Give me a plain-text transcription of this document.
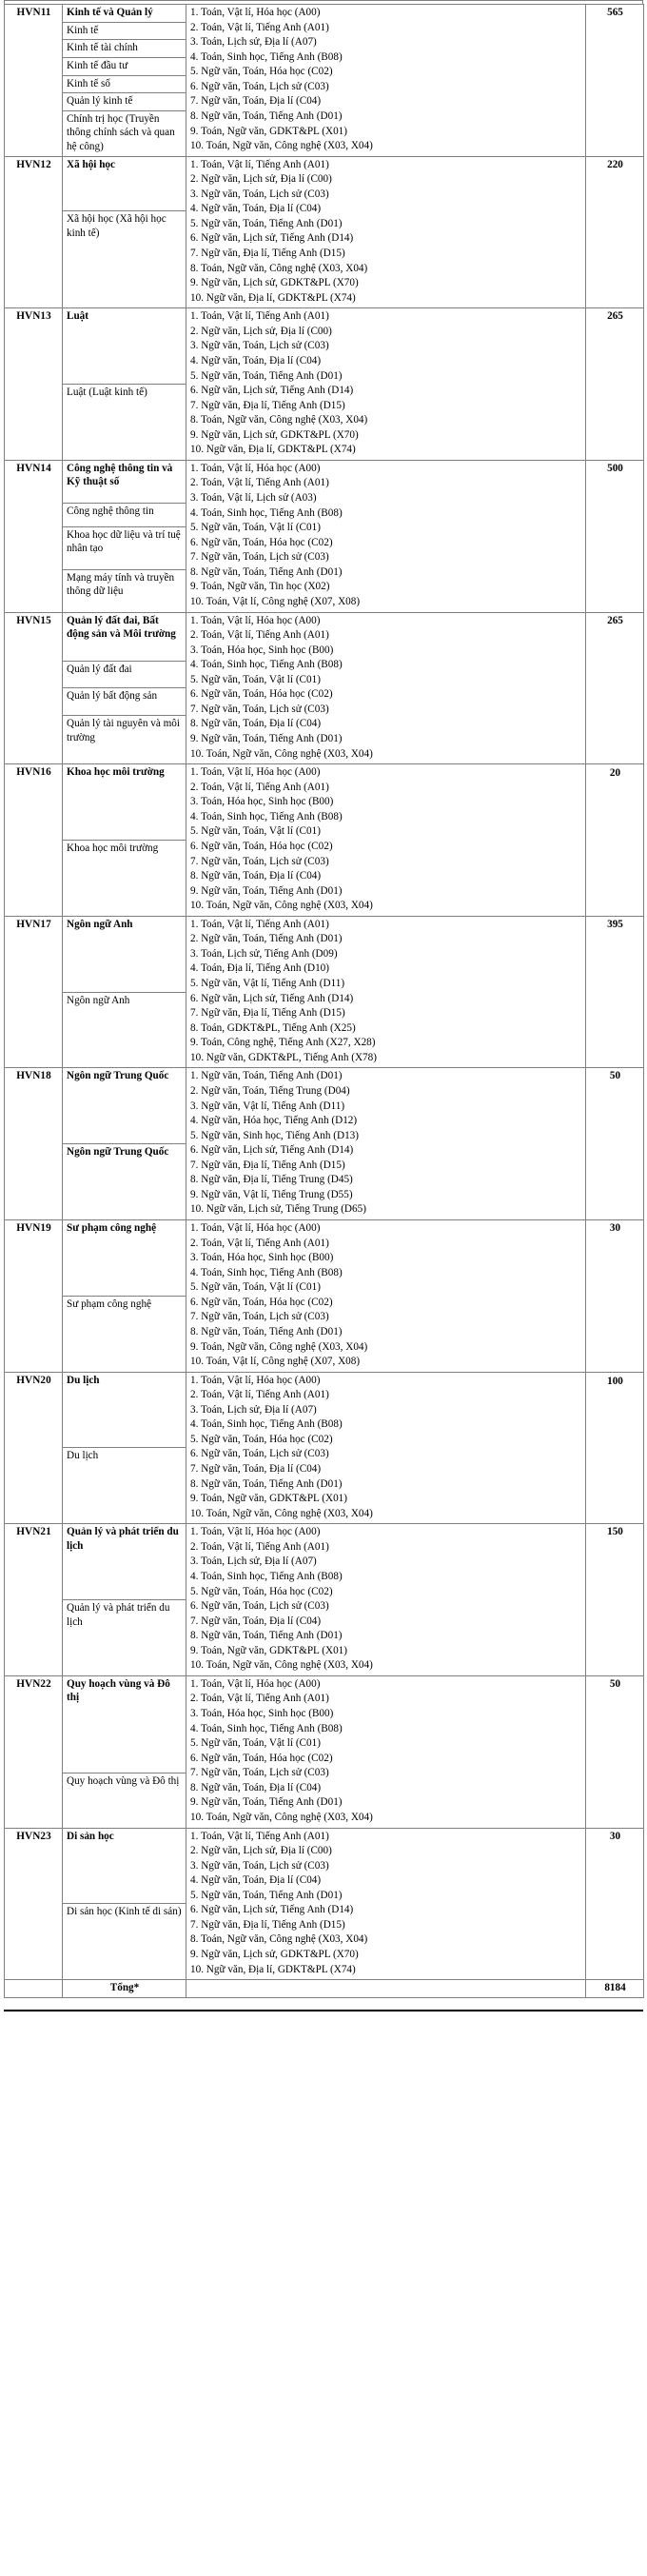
HVN11	Kinh tế và Quản lý	1. Toán, Vật lí, Hóa học (A00)
2. Toán, Vật lí, Tiếng Anh (A01)
3. Toán, Lịch sử, Địa lí (A07)
4. Toán, Sinh học, Tiếng Anh (B08)
5. Ngữ văn, Toán, Hóa học (C02)
6. Ngữ văn, Toán, Lịch sử (C03)
7. Ngữ văn, Toán, Địa lí (C04)
8. Ngữ văn, Toán, Tiếng Anh (D01)
9. Toán, Ngữ văn, GDKT&PL (X01)
10. Toán, Ngữ văn, Công nghệ (X03, X04)
	565
	Kinh tế		
	Kinh tế tài chính		
	Kinh tế đầu tư		
	Kinh tế số		
	Quản lý kinh tế		
	Chính trị học (Truyền thông chính sách và quan hệ công)		
HVN12	Xã hội học	1. Toán, Vật lí, Tiếng Anh (A01)
2. Ngữ văn, Lịch sử, Địa lí (C00)
3. Ngữ văn, Toán, Lịch sử (C03)
4. Ngữ văn, Toán, Địa lí (C04)
5. Ngữ văn, Toán, Tiếng Anh (D01)
6. Ngữ văn, Lịch sử, Tiếng Anh (D14)
7. Ngữ văn, Địa lí, Tiếng Anh (D15)
8. Toán, Ngữ văn, Công nghệ (X03, X04)
9. Ngữ văn, Lịch sử, GDKT&PL (X70)
10. Ngữ văn, Địa lí, GDKT&PL (X74)
	220
	Xã hội học (Xã hội học kinh tế)		
HVN13	Luật	1. Toán, Vật lí, Tiếng Anh (A01)
2. Ngữ văn, Lịch sử, Địa lí (C00)
3. Ngữ văn, Toán, Lịch sử (C03)
4. Ngữ văn, Toán, Địa lí (C04)
5. Ngữ văn, Toán, Tiếng Anh (D01)
6. Ngữ văn, Lịch sử, Tiếng Anh (D14)
7. Ngữ văn, Địa lí, Tiếng Anh (D15)
8. Toán, Ngữ văn, Công nghệ (X03, X04)
9. Ngữ văn, Lịch sử, GDKT&PL (X70)
10. Ngữ văn, Địa lí, GDKT&PL (X74)
	265
	Luật (Luật kinh tế)		
HVN14	Công nghệ thông tin và Kỹ thuật số	
1. Toán, Vật lí, Hóa học (A00)
2. Toán, Vật lí, Tiếng Anh (A01)
3. Toán, Vật lí, Lịch sử (A03)
4. Toán, Sinh học, Tiếng Anh (B08)
5. Ngữ văn, Toán, Vật lí (C01)
6. Ngữ văn, Toán, Hóa học (C02)
7. Ngữ văn, Toán, Lịch sử (C03)
8. Ngữ văn, Toán, Tiếng Anh (D01)
9. Toán, Ngữ văn, Tin học (X02)
10. Toán, Vật lí, Công nghệ (X07, X08)
	500
	Công nghệ thông tin		
	Khoa học dữ liệu và trí tuệ nhân tạo		
	Mạng máy tính và truyền thông dữ liệu		
HVN15	Quản lý đất đai, Bất động sản và Môi trường	
1. Toán, Vật lí, Hóa học (A00)
2. Toán, Vật lí, Tiếng Anh (A01)
3. Toán, Hóa học, Sinh học (B00)
4. Toán, Sinh học, Tiếng Anh (B08)
5. Ngữ văn, Toán, Vật lí (C01)
6. Ngữ văn, Toán, Hóa học (C02)
7. Ngữ văn, Toán, Lịch sử (C03)
8. Ngữ văn, Toán, Địa lí (C04)
9. Ngữ văn, Toán, Tiếng Anh (D01)
10. Toán, Ngữ văn, Công nghệ (X03, X04)
	265
	Quản lý đất đai		
	Quản lý bất động sản		
	Quản lý tài nguyên và môi trường		
HVN16	Khoa học môi trường	1. Toán, Vật lí, Hóa học (A00)
2. Toán, Vật lí, Tiếng Anh (A01)
3. Toán, Hóa học, Sinh học (B00)
4. Toán, Sinh học, Tiếng Anh (B08)
5. Ngữ văn, Toán, Vật lí (C01)
6. Ngữ văn, Toán, Hóa học (C02)
7. Ngữ văn, Toán, Lịch sử (C03)
8. Ngữ văn, Toán, Địa lí (C04)
9. Ngữ văn, Toán, Tiếng Anh (D01)
10. Toán, Ngữ văn, Công nghệ (X03, X04)
	20
	Khoa học môi trường		
HVN17	Ngôn ngữ Anh	1. Toán, Vật lí, Tiếng Anh (A01)
2. Ngữ văn, Toán, Tiếng Anh (D01)
3. Toán, Lịch sử, Tiếng Anh (D09)
4. Toán, Địa lí, Tiếng Anh (D10)
5. Ngữ văn, Vật lí, Tiếng Anh (D11)
6. Ngữ văn, Lịch sử, Tiếng Anh (D14)
7. Ngữ văn, Địa lí, Tiếng Anh (D15)
8. Toán, GDKT&PL, Tiếng Anh (X25)
9. Toán, Công nghệ, Tiếng Anh (X27, X28)
10. Ngữ văn, GDKT&PL, Tiếng Anh (X78)
	395
	Ngôn ngữ Anh		
HVN18	Ngôn ngữ Trung Quốc	1. Ngữ văn, Toán, Tiếng Anh (D01)
2. Ngữ văn, Toán, Tiếng Trung (D04)
3. Ngữ văn, Vật lí, Tiếng Anh (D11)
4. Ngữ văn, Hóa học, Tiếng Anh (D12)
5. Ngữ văn, Sinh học, Tiếng Anh (D13)
6. Ngữ văn, Lịch sử, Tiếng Anh (D14)
7. Ngữ văn, Địa lí, Tiếng Anh (D15)
8. Ngữ văn, Địa lí, Tiếng Trung (D45)
9. Ngữ văn, Vật lí, Tiếng Trung (D55)
10. Ngữ văn, Lịch sử, Tiếng Trung (D65)
	50
	Ngôn ngữ Trung Quốc		
HVN19	Sư phạm công nghệ	1. Toán, Vật lí, Hóa học (A00)
2. Toán, Vật lí, Tiếng Anh (A01)
3. Toán, Hóa học, Sinh học (B00)
4. Toán, Sinh học, Tiếng Anh (B08)
5. Ngữ văn, Toán, Vật lí (C01)
6. Ngữ văn, Toán, Hóa học (C02)
7. Ngữ văn, Toán, Lịch sử (C03)
8. Ngữ văn, Toán, Tiếng Anh (D01)
9. Toán, Ngữ văn, Công nghệ (X03, X04)
10. Toán, Vật lí, Công nghệ (X07, X08)
	30
	Sư phạm công nghệ		
HVN20	Du lịch	1. Toán, Vật lí, Hóa học (A00)
2. Toán, Vật lí, Tiếng Anh (A01)
3. Toán, Lịch sử, Địa lí (A07)
4. Toán, Sinh học, Tiếng Anh (B08)
5. Ngữ văn, Toán, Hóa học (C02)
6. Ngữ văn, Toán, Lịch sử (C03)
7. Ngữ văn, Toán, Địa lí (C04)
8. Ngữ văn, Toán, Tiếng Anh (D01)
9. Toán, Ngữ văn, GDKT&PL (X01)
10. Toán, Ngữ văn, Công nghệ (X03, X04)
	100
	Du lịch		
HVN21	Quản lý và phát triển du lịch	
1. Toán, Vật lí, Hóa học (A00)
2. Toán, Vật lí, Tiếng Anh (A01)
3. Toán, Lịch sử, Địa lí (A07)
4. Toán, Sinh học, Tiếng Anh (B08)
5. Ngữ văn, Toán, Hóa học (C02)
6. Ngữ văn, Toán, Lịch sử (C03)
7. Ngữ văn, Toán, Địa lí (C04)
8. Ngữ văn, Toán, Tiếng Anh (D01)
9. Toán, Ngữ văn, GDKT&PL (X01)
10. Toán, Ngữ văn, Công nghệ (X03, X04)
	150
	Quản lý và phát triển du lịch		
HVN22	Quy hoạch vùng và Đô thị	
1. Toán, Vật lí, Hóa học (A00)
2. Toán, Vật lí, Tiếng Anh (A01)
3. Toán, Hóa học, Sinh học (B00)
4. Toán, Sinh học, Tiếng Anh (B08)
5. Ngữ văn, Toán, Vật lí (C01)
6. Ngữ văn, Toán, Hóa học (C02)
7. Ngữ văn, Toán, Lịch sử (C03)
8. Ngữ văn, Toán, Địa lí (C04)
9. Ngữ văn, Toán, Tiếng Anh (D01)
10. Toán, Ngữ văn, Công nghệ (X03, X04)
	50
	Quy hoạch vùng và Đô thị		
HVN23	Di sản học	1. Toán, Vật lí, Tiếng Anh (A01)
2. Ngữ văn, Lịch sử, Địa lí (C00)
3. Ngữ văn, Toán, Lịch sử (C03)
4. Ngữ văn, Toán, Địa lí (C04)
5. Ngữ văn, Toán, Tiếng Anh (D01)
6. Ngữ văn, Lịch sử, Tiếng Anh (D14)
7. Ngữ văn, Địa lí, Tiếng Anh (D15)
8. Toán, Ngữ văn, Công nghệ (X03, X04)
9. Ngữ văn, Lịch sử, GDKT&PL (X70)
10. Ngữ văn, Địa lí, GDKT&PL (X74)
	30
	Di sản học (Kinh tế di sản)		
	Tổng*		8184
